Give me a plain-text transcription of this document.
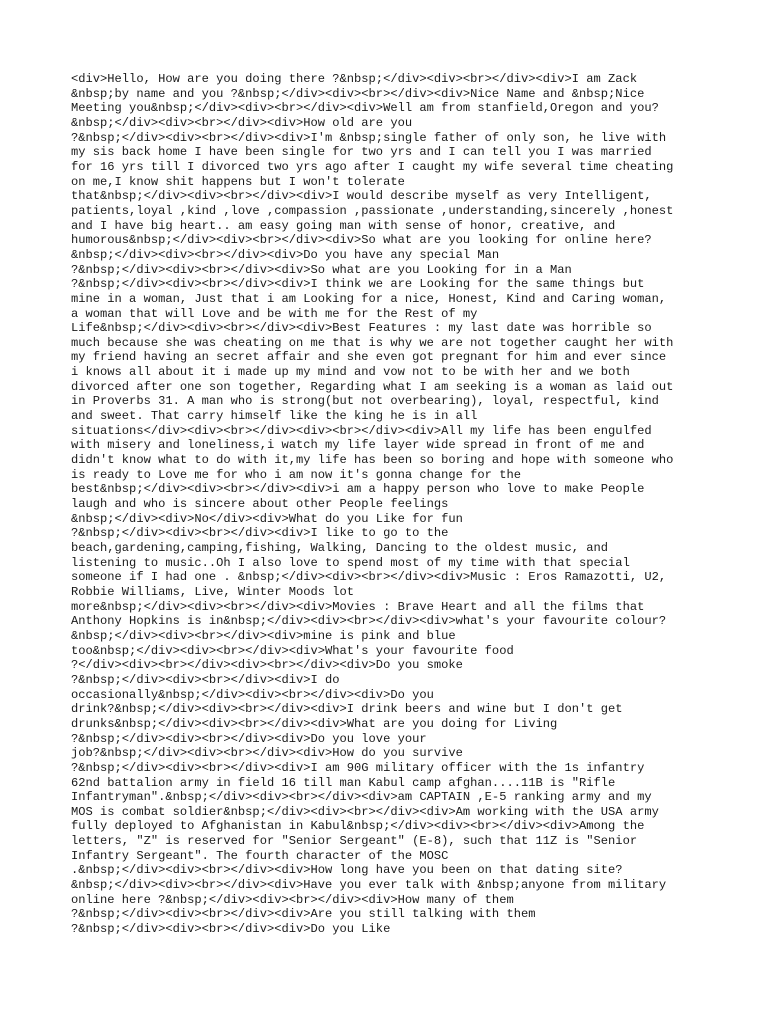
<div>Hello, How are you doing there ?&nbsp;</div><div><br></div><div>I am Zack
&nbsp;by name and you ?&nbsp;</div><div><br></div><div>Nice Name and &nbsp;Nice
Meeting you&nbsp;</div><div><br></div><div>Well am from stanfield,Oregon and you?
&nbsp;</div><div><br></div><div>How old are you
?&nbsp;</div><div><br></div><div>I'm &nbsp;single father of only son, he live with
my sis back home I have been single for two yrs and I can tell you I was married
for 16 yrs till I divorced two yrs ago after I caught my wife several time cheating
on me,I know shit happens but I won't tolerate
that&nbsp;</div><div><br></div><div>I would describe myself as very Intelligent,
patients,loyal ,kind ,love ,compassion ,passionate ,understanding,sincerely ,honest
and I have big heart.. am easy going man with sense of honor, creative, and
humorous&nbsp;</div><div><br></div><div>So what are you looking for online here?
&nbsp;</div><div><br></div><div>Do you have any special Man
?&nbsp;</div><div><br></div><div>So what are you Looking for in a Man
?&nbsp;</div><div><br></div><div>I think we are Looking for the same things but
mine in a woman, Just that i am Looking for a nice, Honest, Kind and Caring woman,
a woman that will Love and be with me for the Rest of my
Life&nbsp;</div><div><br></div><div>Best Features : my last date was horrible so
much because she was cheating on me that is why we are not together caught her with
my friend having an secret affair and she even got pregnant for him and ever since
i knows all about it i made up my mind and vow not to be with her and we both
divorced after one son together, Regarding what I am seeking is a woman as laid out
in Proverbs 31. A man who is strong(but not overbearing), loyal, respectful, kind
and sweet. That carry himself like the king he is in all
situations</div><div><br></div><div><br></div><div>All my life has been engulfed
with misery and loneliness,i watch my life layer wide spread in front of me and
didn't know what to do with it,my life has been so boring and hope with someone who
is ready to Love me for who i am now it's gonna change for the
best&nbsp;</div><div><br></div><div>i am a happy person who love to make People
laugh and who is sincere about other People feelings
&nbsp;</div><div>No</div><div>What do you Like for fun
?&nbsp;</div><div><br></div><div>I like to go to the
beach,gardening,camping,fishing, Walking, Dancing to the oldest music, and
listening to music..Oh I also love to spend most of my time with that special
someone if I had one . &nbsp;</div><div><br></div><div>Music : Eros Ramazotti, U2,
Robbie Williams, Live, Winter Moods lot
more&nbsp;</div><div><br></div><div>Movies : Brave Heart and all the films that
Anthony Hopkins is in&nbsp;</div><div><br></div><div>what's your favourite colour?
&nbsp;</div><div><br></div><div>mine is pink and blue
too&nbsp;</div><div><br></div><div>What's your favourite food
?</div><div><br></div><div><br></div><div>Do you smoke
?&nbsp;</div><div><br></div><div>I do
occasionally&nbsp;</div><div><br></div><div>Do you
drink?&nbsp;</div><div><br></div><div>I drink beers and wine but I don't get
drunks&nbsp;</div><div><br></div><div>What are you doing for Living
?&nbsp;</div><div><br></div><div>Do you love your
job?&nbsp;</div><div><br></div><div>How do you survive
?&nbsp;</div><div><br></div><div>I am 90G military officer with the 1s infantry
62nd battalion army in field 16 till man Kabul camp afghan....11B is "Rifle
Infantryman".&nbsp;</div><div><br></div><div>am CAPTAIN ,E-5 ranking army and my
MOS is combat soldier&nbsp;</div><div><br></div><div>Am working with the USA army
fully deployed to Afghanistan in Kabul&nbsp;</div><div><br></div><div>Among the
letters, "Z" is reserved for "Senior Sergeant" (E-8), such that 11Z is "Senior
Infantry Sergeant". The fourth character of the MOSC
.&nbsp;</div><div><br></div><div>How long have you been on that dating site?
&nbsp;</div><div><br></div><div>Have you ever talk with &nbsp;anyone from military
online here ?&nbsp;</div><div><br></div><div>How many of them
?&nbsp;</div><div><br></div><div>Are you still talking with them
?&nbsp;</div><div><br></div><div>Do you Like
